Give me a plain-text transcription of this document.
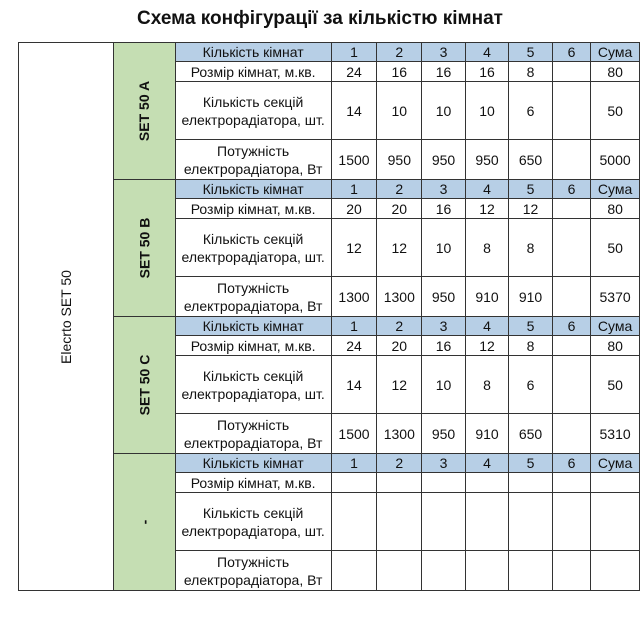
Схема конфігурації за кількістю кімнат
Elecrto SET 50	SET 50 A	Кількість кімнат	1	2	3	4	5	6	Сума
		Розмір кімнат, м.кв.	24	16	16	16	8		80
		Кількість секцій електрорадіатора, шт.	14	10	10	10	6		50
		Потужність електрорадіатора, Вт	1500	950	950	950	650		5000
	SET 50 B	Кількість кімнат	1	2	3	4	5	6	Сума
		Розмір кімнат, м.кв.	20	20	16	12	12		80
		Кількість секцій електрорадіатора, шт.	12	12	10	8	8		50
		Потужність електрорадіатора, Вт	1300	1300	950	910	910		5370
	SET 50 C	Кількість кімнат	1	2	3	4	5	6	Сума
		Розмір кімнат, м.кв.	24	20	16	12	8		80
		Кількість секцій електрорадіатора, шт.	14	12	10	8	6		50
		Потужність електрорадіатора, Вт	1500	1300	950	910	650		5310
	-	Кількість кімнат	1	2	3	4	5	6	Сума
		Розмір кімнат, м.кв.							
		Кількість секцій електрорадіатора, шт.							
		Потужність електрорадіатора, Вт							
